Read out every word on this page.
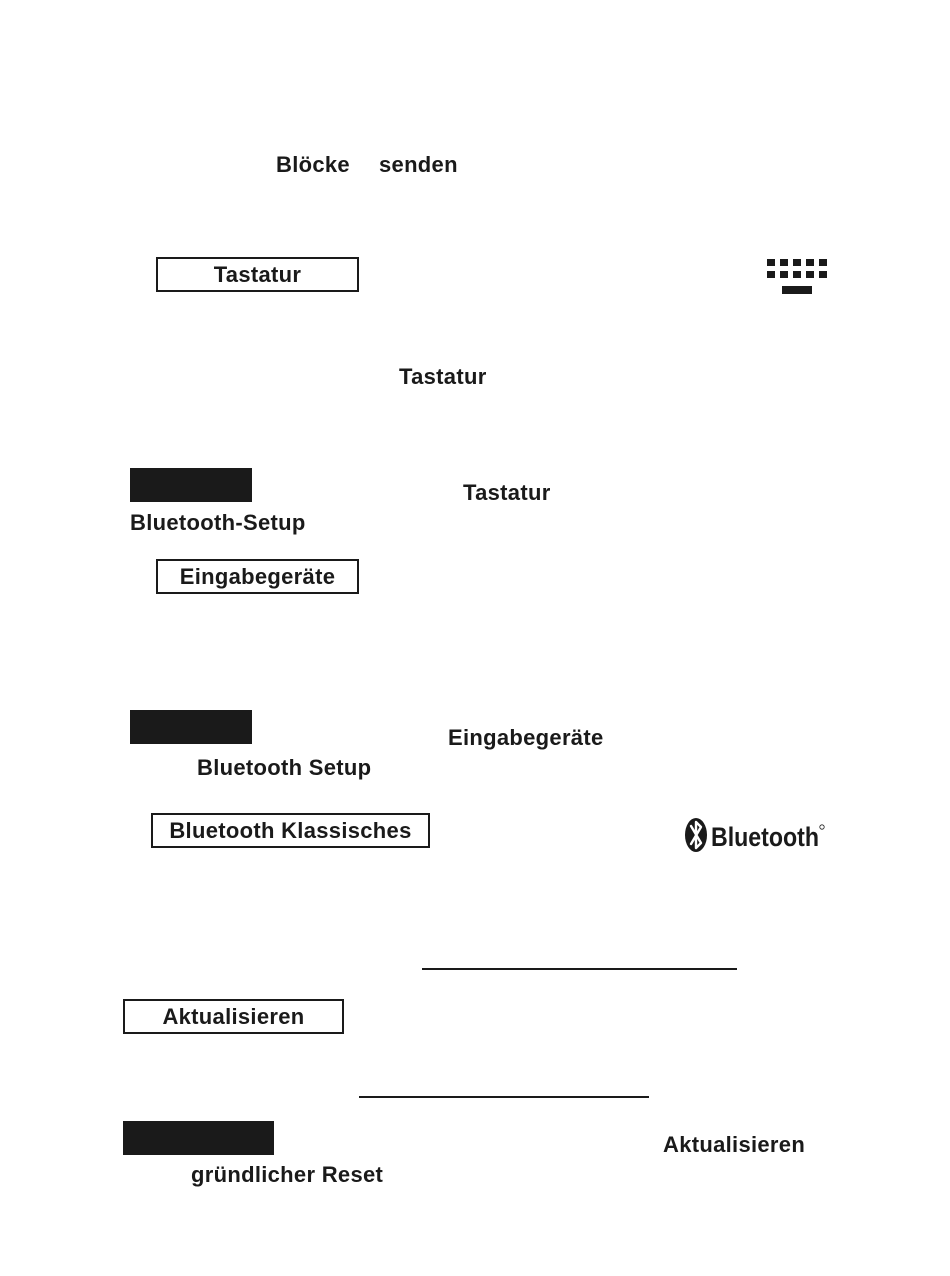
Blöcke senden
Tastatur
Tastatur
Tastatur
Bluetooth-Setup
Eingabegeräte
Eingabegeräte
Bluetooth Setup
Bluetooth Klassisches	Bluetooth
Aktualisieren
Aktualisieren
gründlicher Reset
